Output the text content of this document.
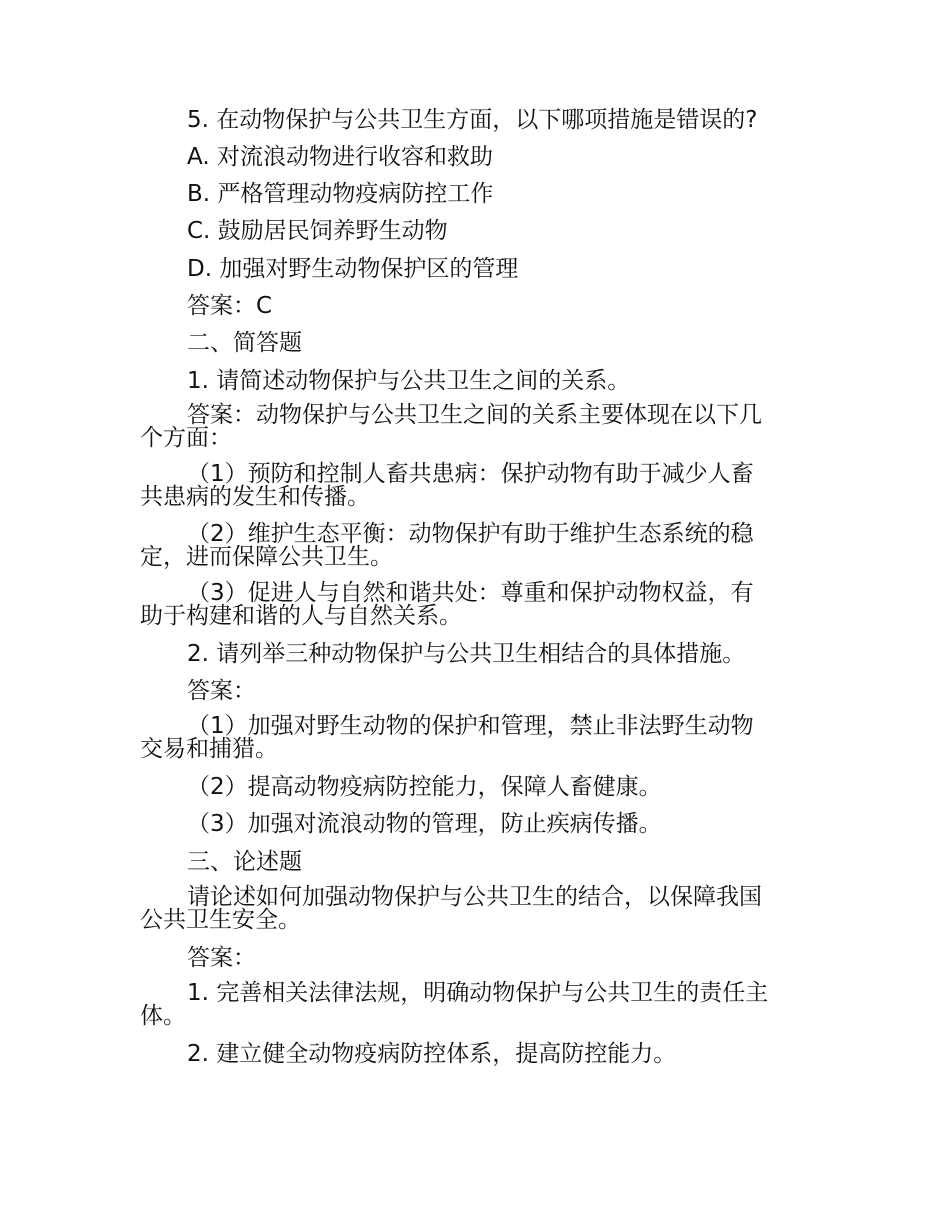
5. 在动物保护与公共卫生方面，以下哪项措施是错误的?
A. 对流浪动物进行收容和救助
B. 严格管理动物疫病防控工作
C. 鼓励居民饲养野生动物
D. 加强对野生动物保护区的管理
答案：C
二、简答题
1. 请简述动物保护与公共卫生之间的关系。
答案：动物保护与公共卫生之间的关系主要体现在以下几
个方面：
（1）预防和控制人畜共患病：保护动物有助于减少人畜
共患病的发生和传播。
（2）维护生态平衡：动物保护有助于维护生态系统的稳
定，进而保障公共卫生。
（3）促进人与自然和谐共处：尊重和保护动物权益，有
助于构建和谐的人与自然关系。
2. 请列举三种动物保护与公共卫生相结合的具体措施。
答案：
（1）加强对野生动物的保护和管理，禁止非法野生动物
交易和捕猎。
（2）提高动物疫病防控能力，保障人畜健康。
（3）加强对流浪动物的管理，防止疾病传播。
三、论述题
请论述如何加强动物保护与公共卫生的结合，以保障我国
公共卫生安全。
答案：
1. 完善相关法律法规，明确动物保护与公共卫生的责任主
体。
2. 建立健全动物疫病防控体系，提高防控能力。
